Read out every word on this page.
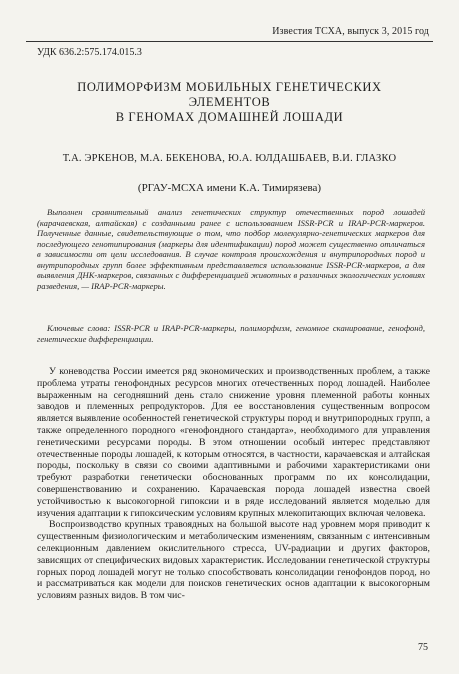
Известия ТСХА, выпуск 3, 2015 год
УДК 636.2:575.174.015.3
ПОЛИМОРФИЗМ МОБИЛЬНЫХ ГЕНЕТИЧЕСКИХ ЭЛЕМЕНТОВ
В ГЕНОМАХ ДОМАШНЕЙ ЛОШАДИ
Т.А. ЭРКЕНОВ, М.А. БЕКЕНОВА, Ю.А. ЮЛДАШБАЕВ, В.И. ГЛАЗКО
(РГАУ-МСХА имени К.А. Тимирязева)
Выполнен сравнительный анализ генетических структур отечественных пород лошадей (карачаевская, алтайская) с созданными ранее с использованием ISSR-PCR и IRAP-PCR-маркеров. Полученные данные, свидетельствующие о том, что подбор молекулярно-генетических маркеров для последующего генотипирования (маркеры для идентификации) пород может существенно отличаться в зависимости от цели исследования. В случае контроля происхождения и внутрипородных пород и внутрипородных групп более эффективным представляется использование ISSR-PCR-маркеров, а для выявления ДНК-маркеров, связанных с дифференциацией животных в различных экологических условиях разведения, — IRAP-PCR-маркеры.
Ключевые слова: ISSR-PCR и IRAP-PCR-маркеры, полиморфизм, геномное сканирование, генофонд, генетические дифференциации.

У коневодства России имеется ряд экономических и производственных проблем, а также проблема утраты генофондных ресурсов многих отечественных пород лошадей. Наиболее выраженным на сегодняшний день стало снижение уровня племенной работы конных заводов и племенных репродукторов. Для ее восстановления существенным вопросом является выявление особенностей генетической структуры пород и внутрипородных групп, а также определенного породного «генофондного стандарта», необходимого для управления генетическими ресурсами породы. В этом отношении особый интерес представляют отечественные породы лошадей, к которым относятся, в частности, карачаевская и алтайская породы, поскольку в связи со своими адаптивными и рабочими характеристиками они требуют разработки генетически обоснованных программ по их консолидации, совершенствованию и сохранению. Карачаевская порода лошадей известна своей устойчивостью к высокогорной гипоксии и в ряде исследований является моделью для изучения адаптации к гипоксическим условиям крупных млекопитающих включая человека.

Воспроизводство крупных травоядных на большой высоте над уровнем моря приводит к существенным физиологическим и метаболическим изменениям, связанным с интенсивным селекционным давлением окислительного стресса, UV-радиации и других факторов, зависящих от специфических видовых характеристик. Исследовании генетической структуры горных пород лошадей могут не только способствовать консолидации генофондов пород, но и рассматриваться как модели для поисков генетических основ адаптации к высокогорным условиям разных видов. В том чис-

75
